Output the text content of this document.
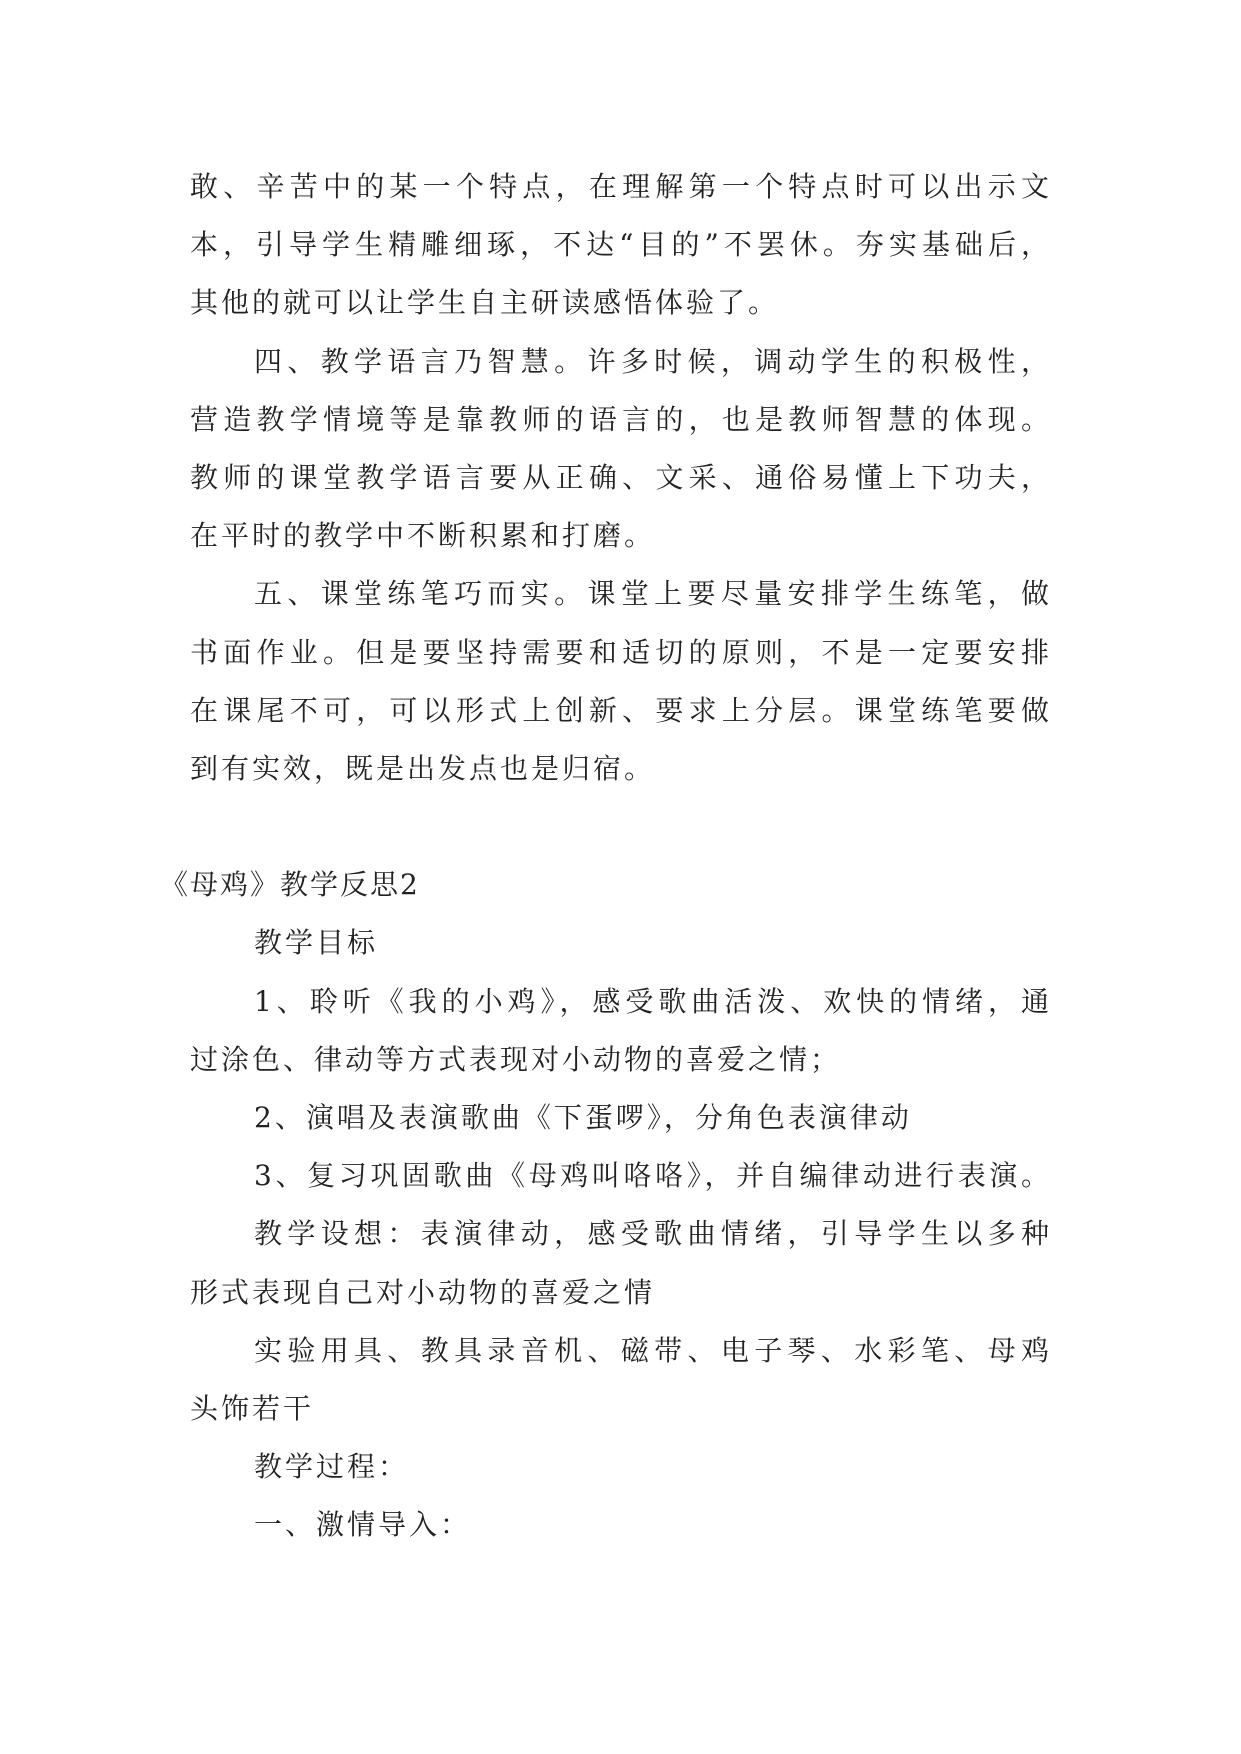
敢、辛苦中的某一个特点，在理解第一个特点时可以出示文
本，引导学生精雕细琢，不达“目的”不罢休。夯实基础后，
其他的就可以让学生自主研读感悟体验了。
四、教学语言乃智慧。许多时候，调动学生的积极性，
营造教学情境等是靠教师的语言的，也是教师智慧的体现。
教师的课堂教学语言要从正确、文采、通俗易懂上下功夫，
在平时的教学中不断积累和打磨。
五、课堂练笔巧而实。课堂上要尽量安排学生练笔，做
书面作业。但是要坚持需要和适切的原则，不是一定要安排
在课尾不可，可以形式上创新、要求上分层。课堂练笔要做
到有实效，既是出发点也是归宿。
《母鸡》教学反思2
教学目标
1、聆听《我的小鸡》，感受歌曲活泼、欢快的情绪，通
过涂色、律动等方式表现对小动物的喜爱之情；
2、演唱及表演歌曲《下蛋啰》，分角色表演律动
3、复习巩固歌曲《母鸡叫咯咯》，并自编律动进行表演。
教学设想：表演律动，感受歌曲情绪，引导学生以多种
形式表现自己对小动物的喜爱之情
实验用具、教具录音机、磁带、电子琴、水彩笔、母鸡
头饰若干
教学过程：
一、激情导入：
